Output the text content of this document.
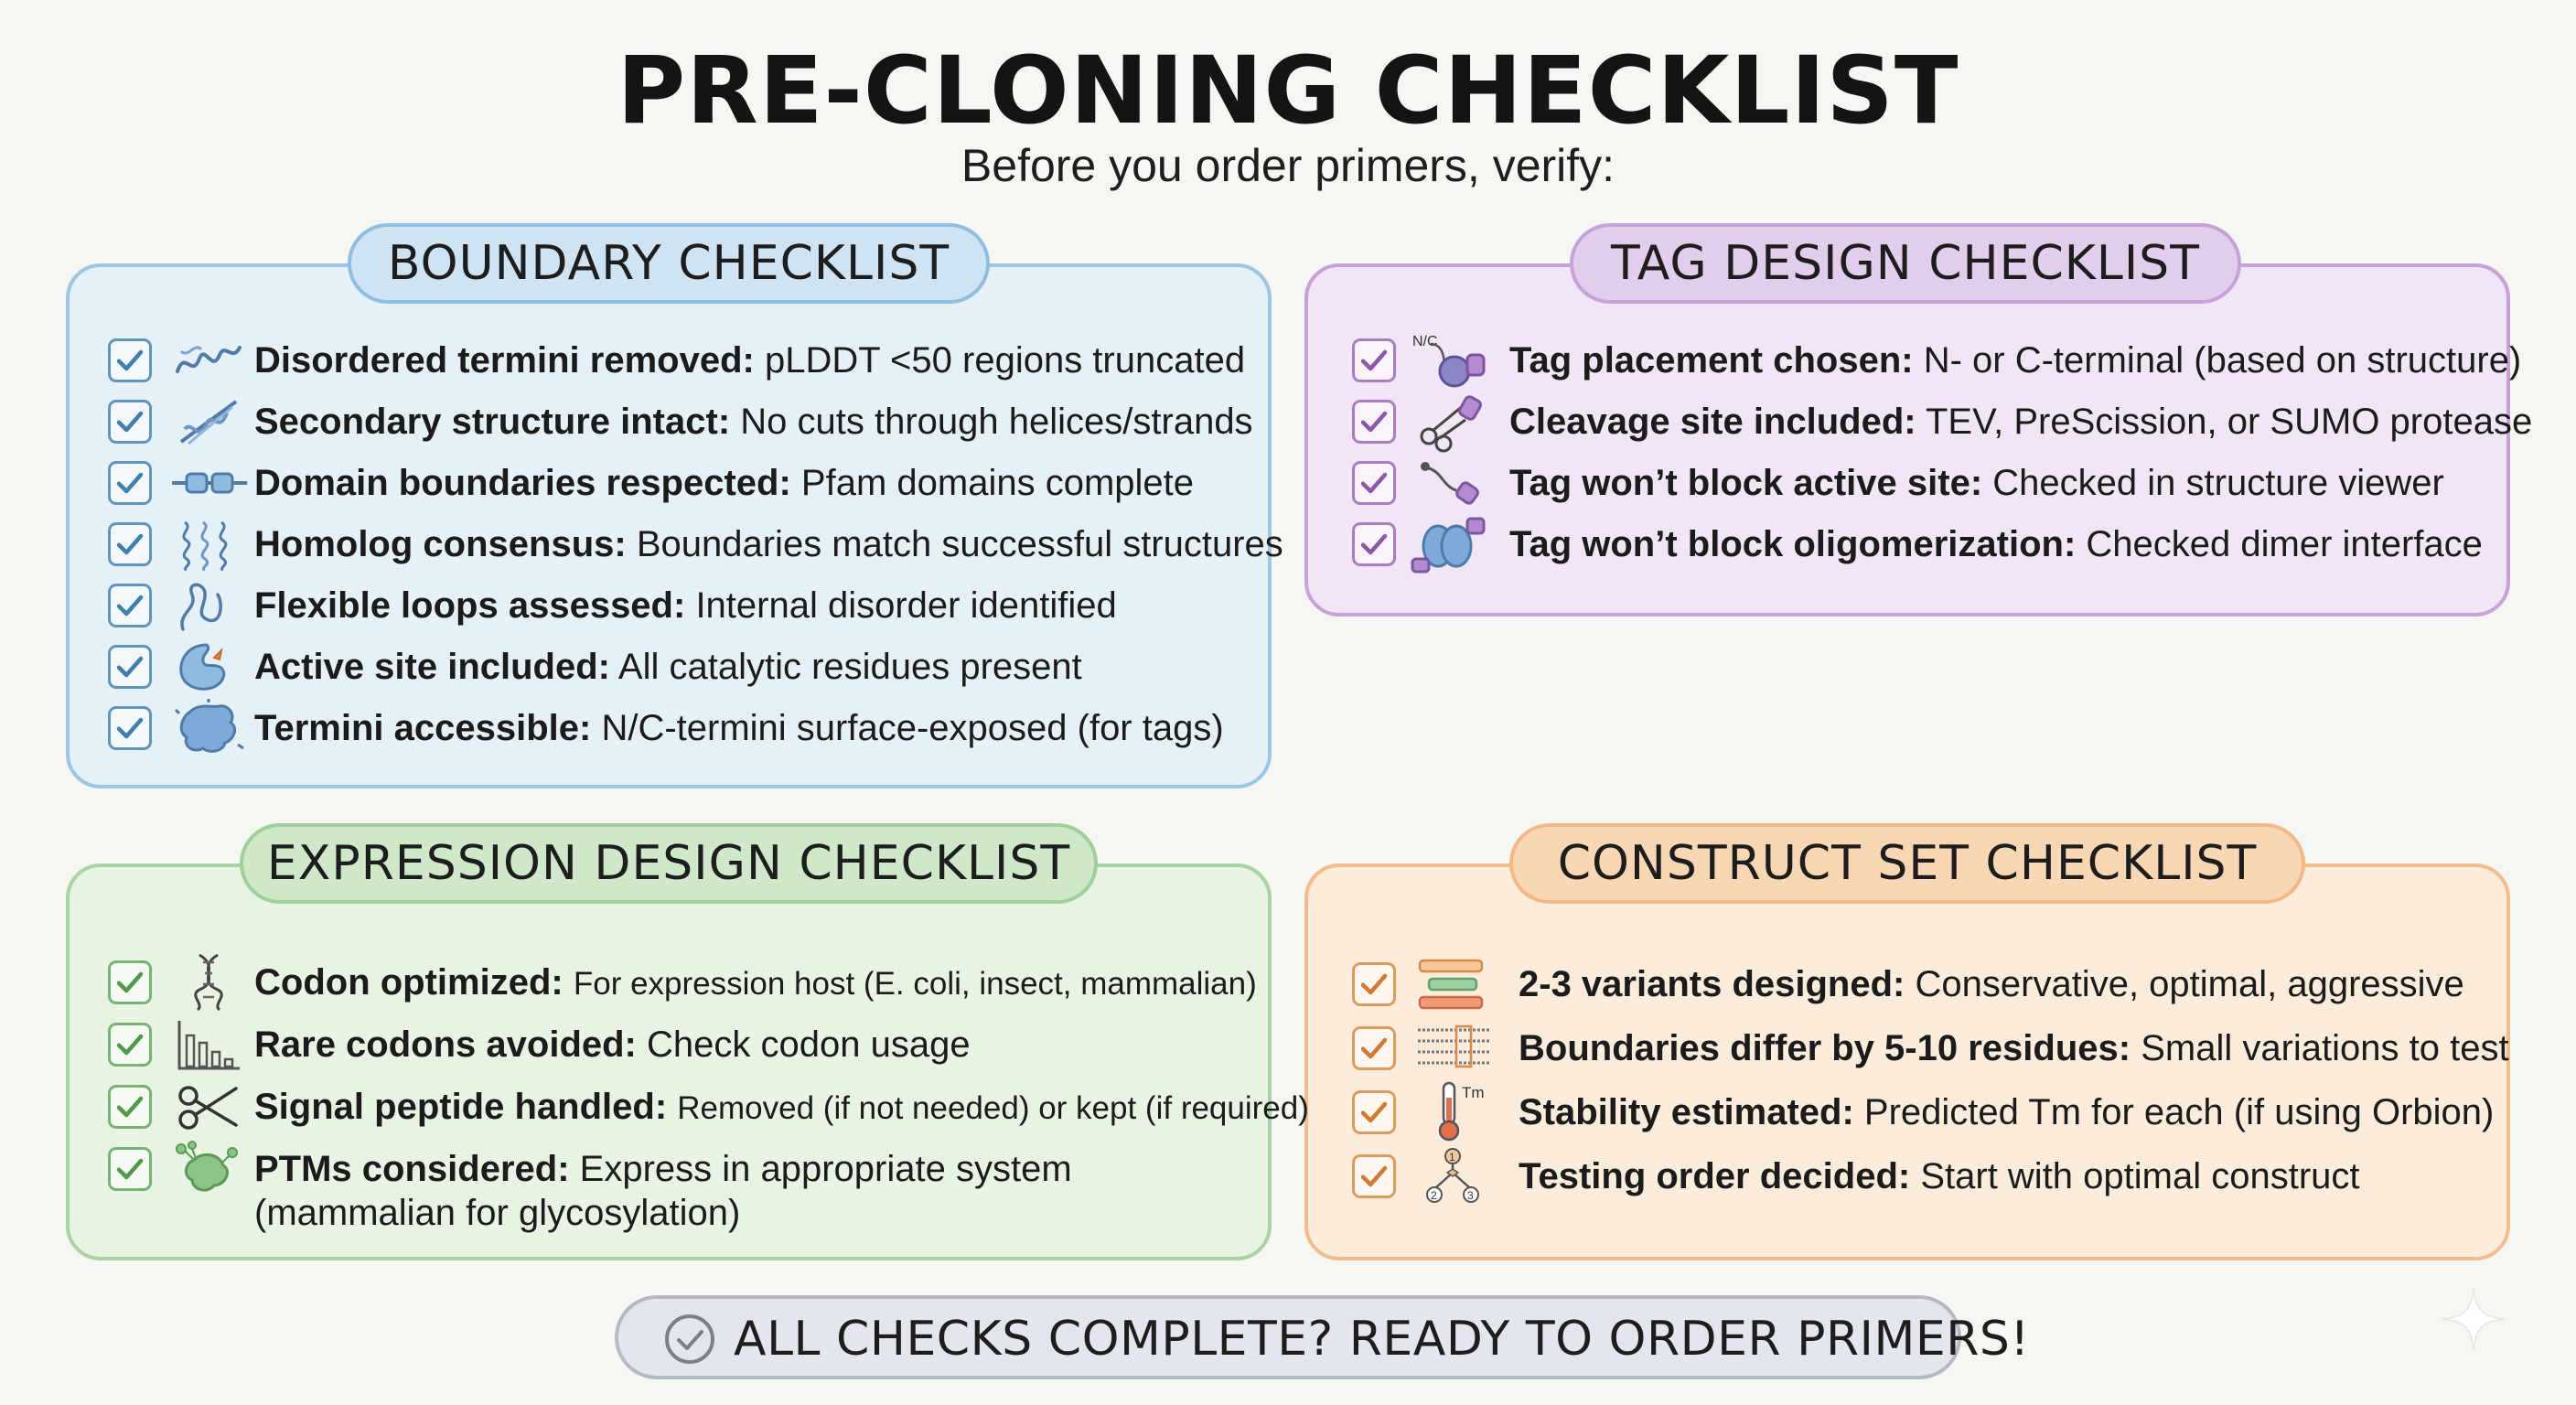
PRE-CLONING CHECKLIST
Before you order primers, verify:
BOUNDARY CHECKLIST	TAG DESIGN CHECKLIST
EXPRESSION DESIGN CHECKLIST	CONSTRUCT SET CHECKLIST
Disordered termini removed: pLDDT <50 regions truncated
Secondary structure intact: No cuts through helices/strands
Domain boundaries respected: Pfam domains complete
Homolog consensus: Boundaries match successful structures
Flexible loops assessed: Internal disorder identified
Active site included: All catalytic residues present
Termini accessible: N/C-termini surface-exposed (for tags)
N/C Tag placement chosen: N- or C-terminal (based on structure)
Cleavage site included: TEV, PreScission, or SUMO protease
Tag won’t block active site: Checked in structure viewer
Tag won’t block oligomerization: Checked dimer interface
Codon optimized: For expression host (E. coli, insect, mammalian)
Rare codons avoided: Check codon usage
Signal peptide handled: Removed (if not needed) or kept (if required)
PTMs considered: Express in appropriate system
(mammalian for glycosylation)
2-3 variants designed: Conservative, optimal, aggressive
Boundaries differ by 5-10 residues: Small variations to test
Tm Stability estimated: Predicted Tm for each (if using Orbion)
1
2	3 Testing order decided: Start with optimal construct
ALL CHECKS COMPLETE? READY TO ORDER PRIMERS!
